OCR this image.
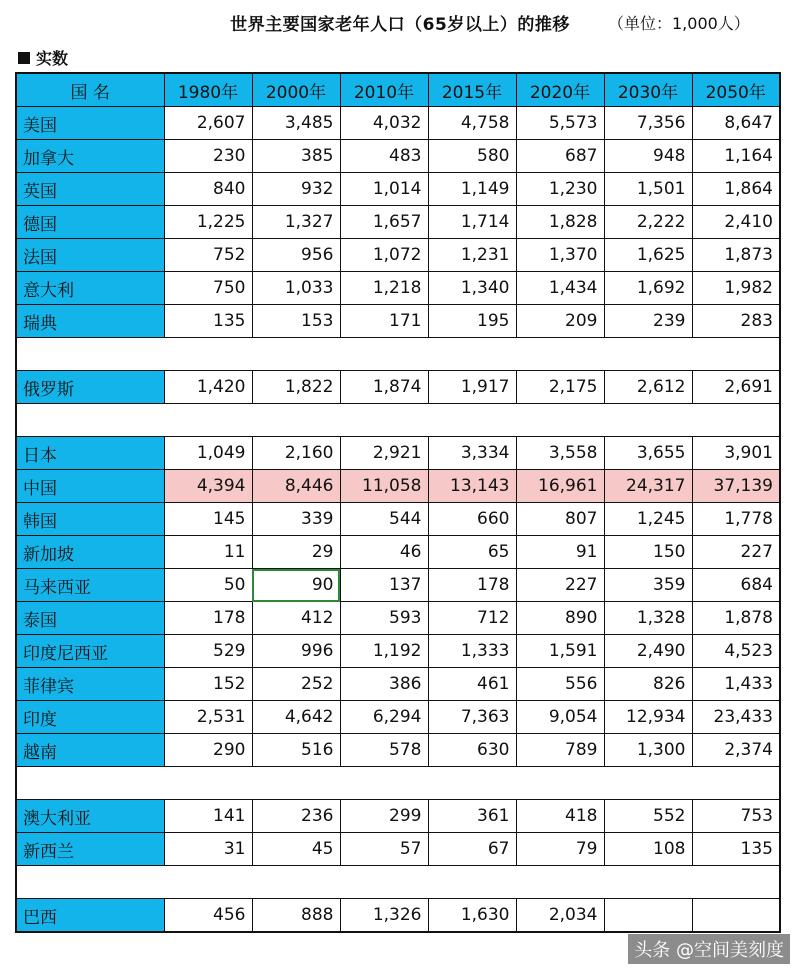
世界主要国家老年人口（65岁以上）的推移	（单位：1,000人）
实数
国 名	1980年	2000年	2010年	2015年	2020年	2030年	2050年
美国	2,607	3,485	4,032	4,758	5,573	7,356	8,647
加拿大	230	385	483	580	687	948	1,164
英国	840	932	1,014	1,149	1,230	1,501	1,864
德国	1,225	1,327	1,657	1,714	1,828	2,222	2,410
法国	752	956	1,072	1,231	1,370	1,625	1,873
意大利	750	1,033	1,218	1,340	1,434	1,692	1,982
瑞典	135	153	171	195	209	239	283

俄罗斯	1,420	1,822	1,874	1,917	2,175	2,612	2,691

日本	1,049	2,160	2,921	3,334	3,558	3,655	3,901
中国	4,394	8,446	11,058	13,143	16,961	24,317	37,139
韩国	145	339	544	660	807	1,245	1,778
新加坡	11	29	46	65	91	150	227
马来西亚	50	90	137	178	227	359	684
泰国	178	412	593	712	890	1,328	1,878
印度尼西亚	529	996	1,192	1,333	1,591	2,490	4,523
菲律宾	152	252	386	461	556	826	1,433
印度	2,531	4,642	6,294	7,363	9,054	12,934	23,433
越南	290	516	578	630	789	1,300	2,374

澳大利亚	141	236	299	361	418	552	753
新西兰	31	45	57	67	79	108	135

巴西	456	888	1,326	1,630	2,034		
头条 @空间美刻度
